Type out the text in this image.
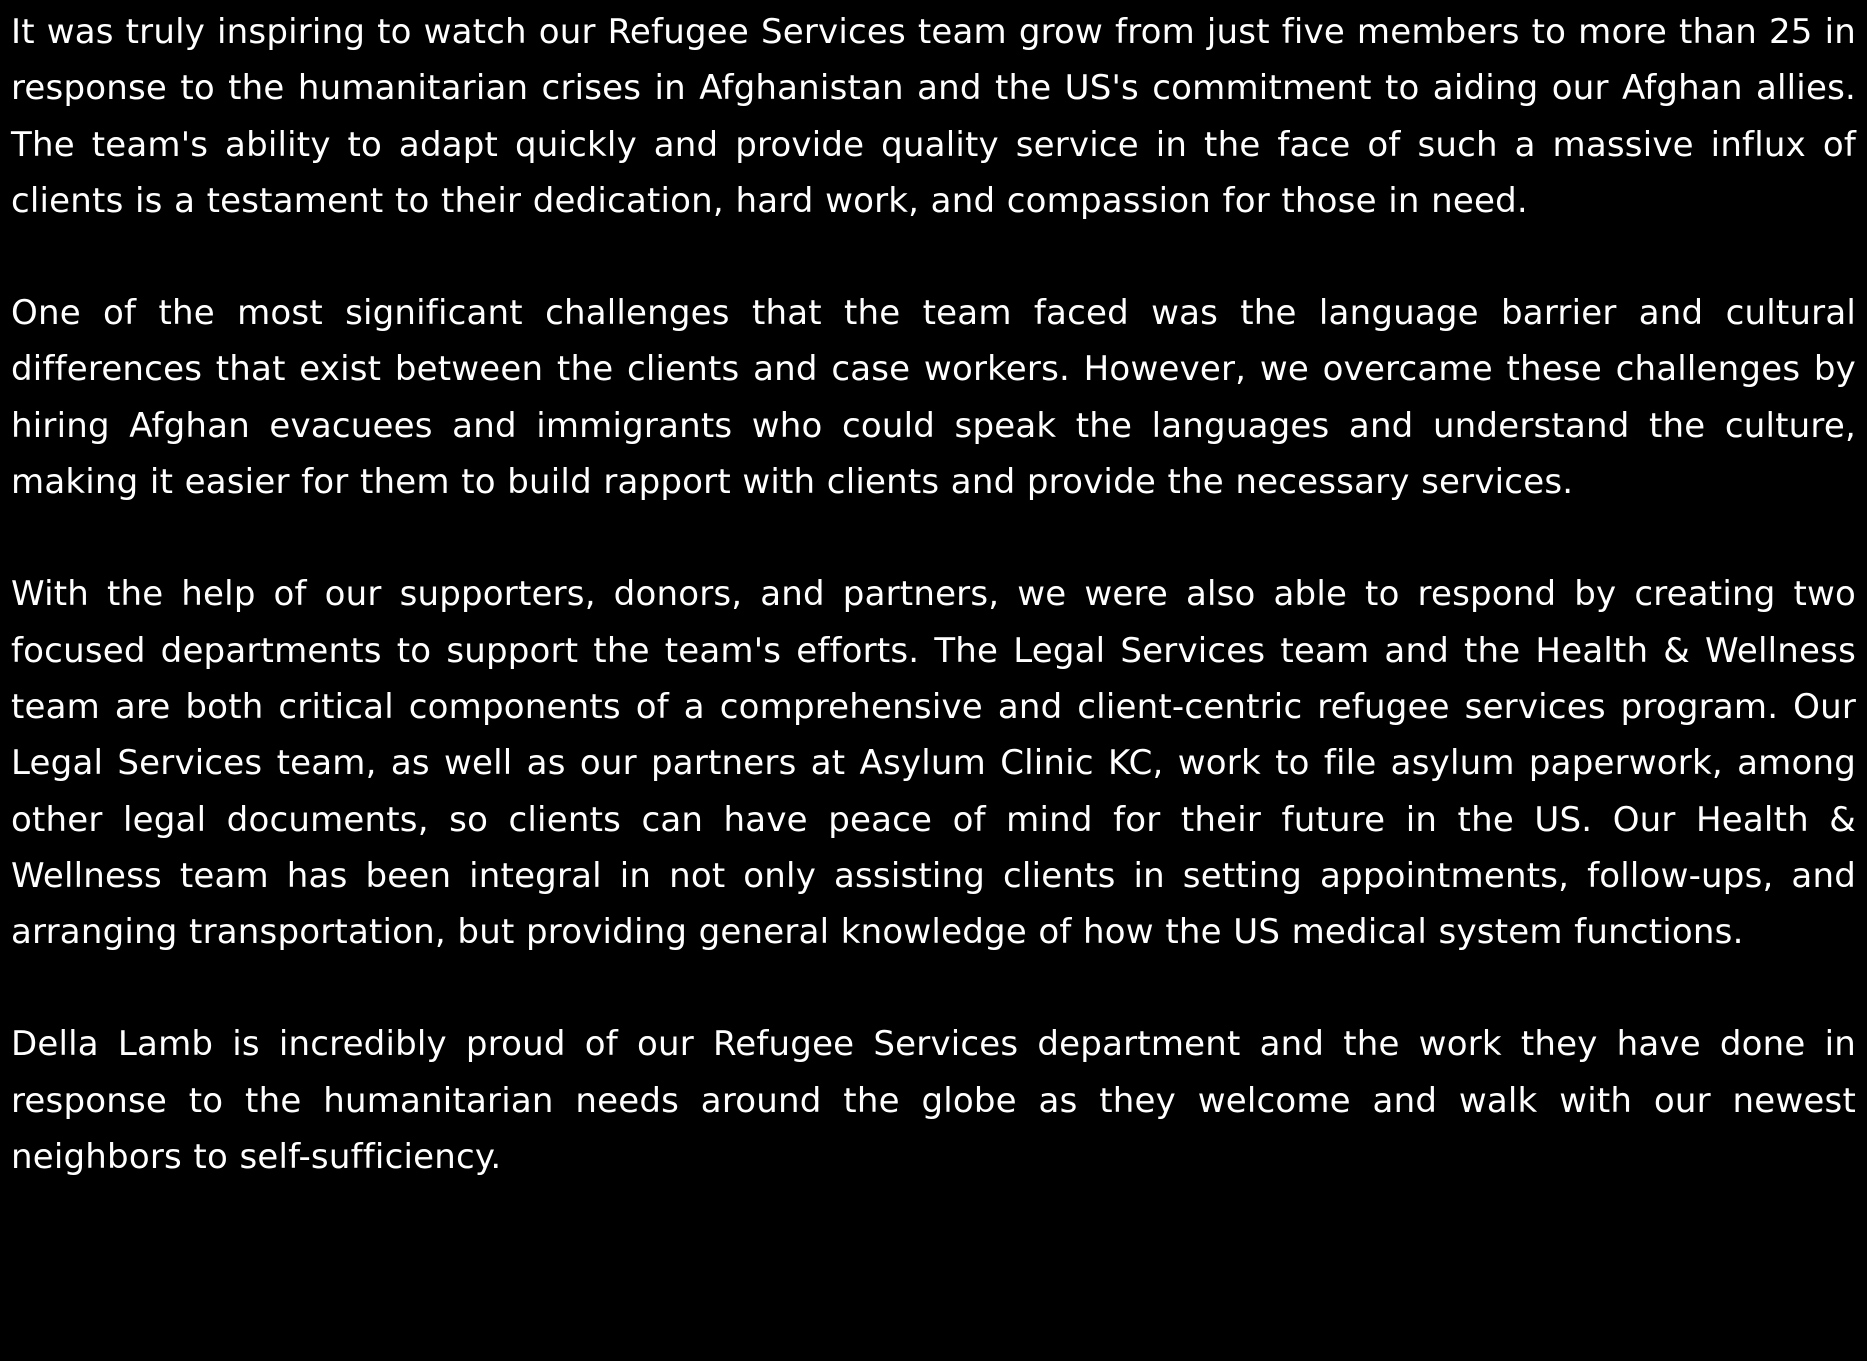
It was truly inspiring to watch our Refugee Services team grow from just five members to more than 25 in response to the humanitarian crises in Afghanistan and the US's commitment to aiding our Afghan allies. The team's ability to adapt quickly and provide quality service in the face of such a massive influx of clients is a testament to their dedication, hard work, and compassion for those in need.

One of the most significant challenges that the team faced was the language barrier and cultural differences that exist between the clients and case workers. However, we overcame these challenges by hiring Afghan evacuees and immigrants who could speak the languages and understand the culture, making it easier for them to build rapport with clients and provide the necessary services.

With the help of our supporters, donors, and partners, we were also able to respond by creating two focused departments to support the team's efforts. The Legal Services team and the Health & Wellness team are both critical components of a comprehensive and client-centric refugee services program. Our Legal Services team, as well as our partners at Asylum Clinic KC, work to file asylum paperwork, among other legal documents, so clients can have peace of mind for their future in the US. Our Health & Wellness team has been integral in not only assisting clients in setting appointments, follow-ups, and arranging transportation, but providing general knowledge of how the US medical system functions.

Della Lamb is incredibly proud of our Refugee Services department and the work they have done in response to the humanitarian needs around the globe as they welcome and walk with our newest neighbors to self-sufficiency.
